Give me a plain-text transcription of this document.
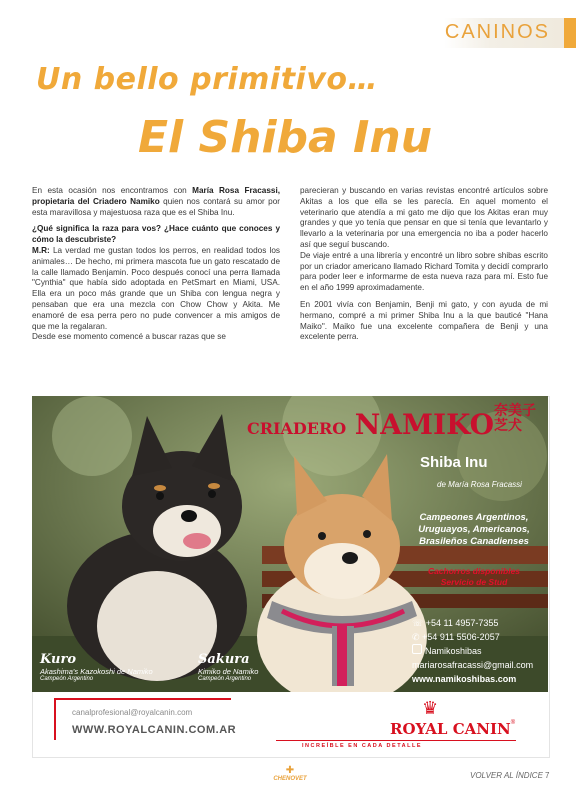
CANINOS
Un bello primitivo…
El Shiba Inu

En esta ocasión nos encontramos con María Rosa Fracassi, propietaria del Criadero Namiko quien nos contará su amor por esta maravillosa y majestuosa raza que es el Shiba Inu.

¿Qué significa la raza para vos? ¿Hace cuánto que conoces y cómo la descubriste?

M.R: La verdad me gustan todos los perros, en realidad todos los animales… De hecho, mi primera mascota fue un gato rescatado de la calle llamado Benjamin. Poco después conocí una perra llamada "Cynthia" que había sido adoptada en PetSmart en Miami, USA. Ella era un poco más grande que un Shiba con lengua negra y pensaban que era una mezcla con Chow Chow y Akita. Me enamoré de esa perra pero no pude convencer a mis amigos de que me la regalaran.

Desde ese momento comencé a buscar razas que se

parecieran y buscando en varias revistas encontré artículos sobre Akitas a los que ella se les parecía. En aquel momento el veterinario que atendía a mi gato me dijo que los Akitas eran muy grandes y que yo tenía que pensar en que si tenía que levantarlo y llevarlo a la veterinaria por una emergencia no iba a poder hacerlo así que seguí buscando.

De viaje entré a una librería y encontré un libro sobre shibas escrito por un criador americano llamado Richard Tomita y decidí comprarlo para poder leer e informarme de esta nueva raza para mí. Esto fue en el año 1999 aproximadamente.

En 2001 vivía con Benjamin, Benji mi gato, y con ayuda de mi hermano, compré a mi primer Shiba Inu a la que bauticé "Hana Maiko". Maiko fue una excelente compañera de Benji y una excelente perra.

CRIADERO NAMIKO 奈美子 芝犬
Shiba Inu
de María Rosa Fracassi
Campeones Argentinos, Uruguayos, Americanos, Brasileños Canadienses
Cachorros disponibles
Servicio de Stud
☏ +54 11 4957-7355
✆ +54 911 5506-2057
Namikoshibas
mariarosafracassi@gmail.com
www.namikoshibas.com
Kuro
Akashima's Kazokoshi de Namiko
Campeón Argentino
Sakura
Kimiko de Namiko
Campeón Argentino
canalprofesional@royalcanin.com
WWW.ROYALCANIN.COM.AR
♛
ROYAL CANIN®
INCREÍBLE EN CADA DETALLE
✚
CHENOVET	VOLVER AL ÍNDICE 7
